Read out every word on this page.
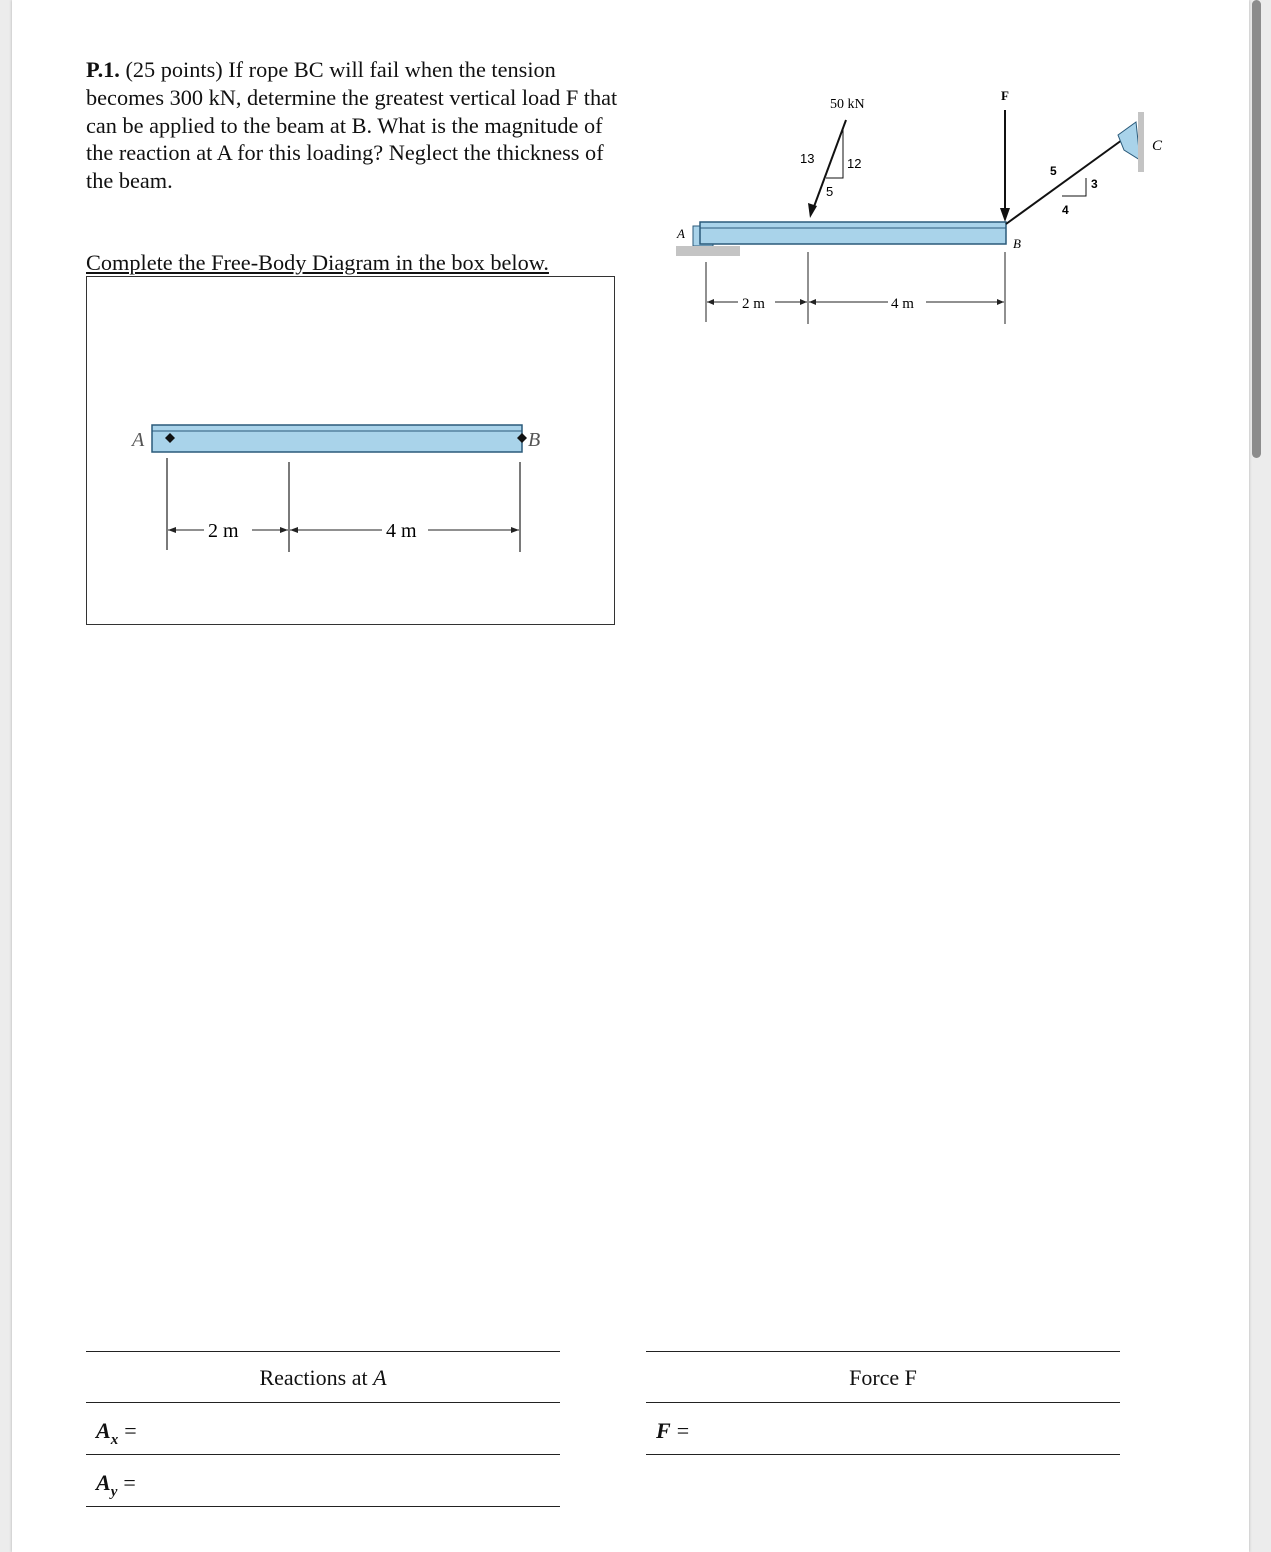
P.1. (25 points) If rope BC will fail when the tension becomes 300 kN, determine the greatest vertical load F that can be applied to the beam at B. What is the magnitude of the reaction at A for this loading? Neglect the thickness of the beam.
Complete the Free-Body Diagram in the box below.
A	B
2 m	4 m
50 kN
13	12
5
F
A
B
5
4
3
C
2 m	4 m
Reactions at A
$A_x$ =
$A_y$ =
Force F
F =
